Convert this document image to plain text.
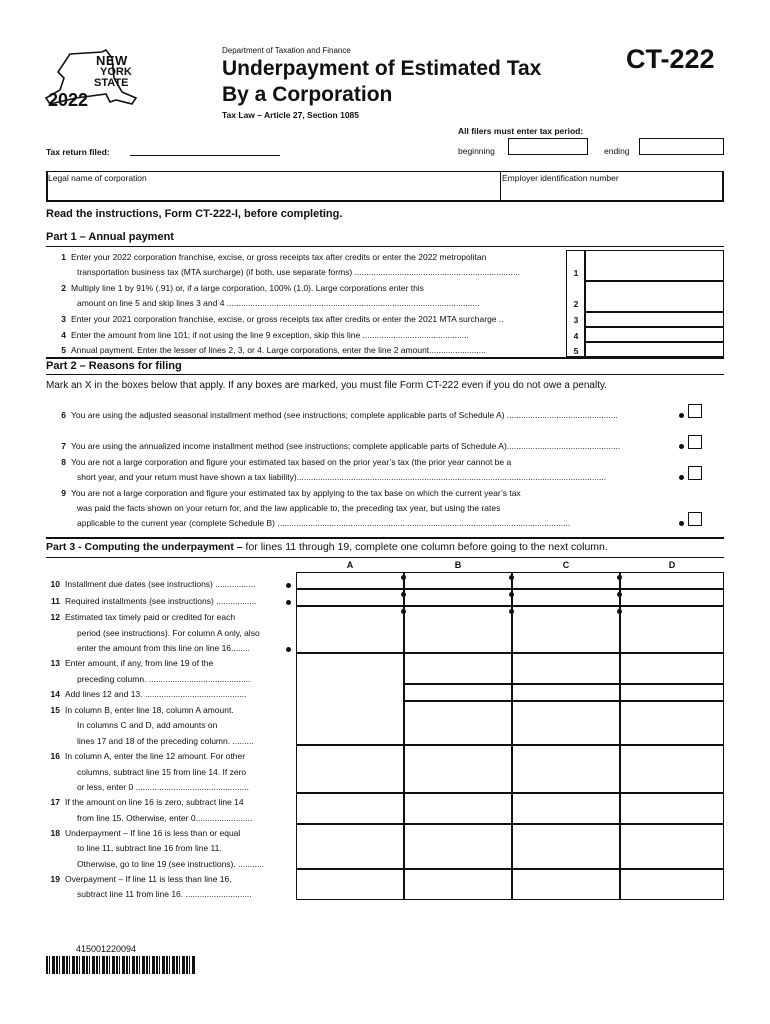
NEW
YORK
STATE
2022
Department of Taxation and Finance
Underpayment of Estimated Tax
By a Corporation
CT-222
Tax Law – Article 27, Section 1085
All filers must enter tax period:
beginning	ending
Tax return filed:
Legal name of corporation	Employer identification number
Read the instructions, Form CT-222-I, before completing.
Part 1 – Annual payment
1 Enter your 2022 corporation franchise, excise, or gross receipts tax after credits or enter the 2022 metropolitan
transportation business tax (MTA surcharge) (if both, use separate forms) ......................................................................
2 Multiply line 1 by 91% (.91) or, if a large corporation, 100% (1.0). Large corporations enter this
amount on line 5 and skip lines 3 and 4 ...........................................................................................................
3 Enter your 2021 corporation franchise, excise, or gross receipts tax after credits or enter the 2021 MTA surcharge ..
4 Enter the amount from line 101; if not using the line 9 exception, skip this line .............................................
5 Annual payment. Enter the lesser of lines 2, 3, or 4. Large corporations, enter the line 2 amount........................
1
2
3
4
5
Part 2 – Reasons for filing
Mark an X in the boxes below that apply. If any boxes are marked, you must file Form CT-222 even if you do not owe a penalty.
6 You are using the adjusted seasonal installment method (see instructions; complete applicable parts of Schedule A) ...............................................
7 You are using the annualized income installment method (see instructions; complete applicable parts of Schedule A)................................................
8 You are not a large corporation and figure your estimated tax based on the prior year’s tax (the prior year cannot be a
short year, and your return must have shown a tax liability)...................................................................................................................................
9 You are not a large corporation and figure your estimated tax by applying to the tax base on which the current year’s tax
was paid the facts shown on your return for, and the law applicable to, the preceding tax year, but using the rates
applicable to the current year (complete Schedule B) ............................................................................................................................
Part 3 - Computing the underpayment – for lines 11 through 19, complete one column before going to the next column.
A	B	C	D
10 Installment due dates (see instructions) .................
11 Required installments (see instructions) .................
12 Estimated tax timely paid or credited for each
period (see instructions). For column A only, also
enter the amount from this line on line 16........
13 Enter amount, if any, from line 19 of the
preceding column. ...........................................
14 Add lines 12 and 13. ...........................................
15 In column B, enter line 18, column A amount.
In columns C and D, add amounts on
lines 17 and 18 of the preceding column. .........
16 In column A, enter the line 12 amount. For other
columns, subtract line 15 from line 14. If zero
or less, enter 0 ................................................
17 If the amount on line 16 is zero, subtract line 14
from line 15. Otherwise, enter 0........................
18 Underpayment – If line 16 is less than or equal
to line 11, subtract line 16 from line 11.
Otherwise, go to line 19 (see instructions). ...........
19 Overpayment – If line 11 is less than line 16,
subtract line 11 from line 16. ............................
415001220094
